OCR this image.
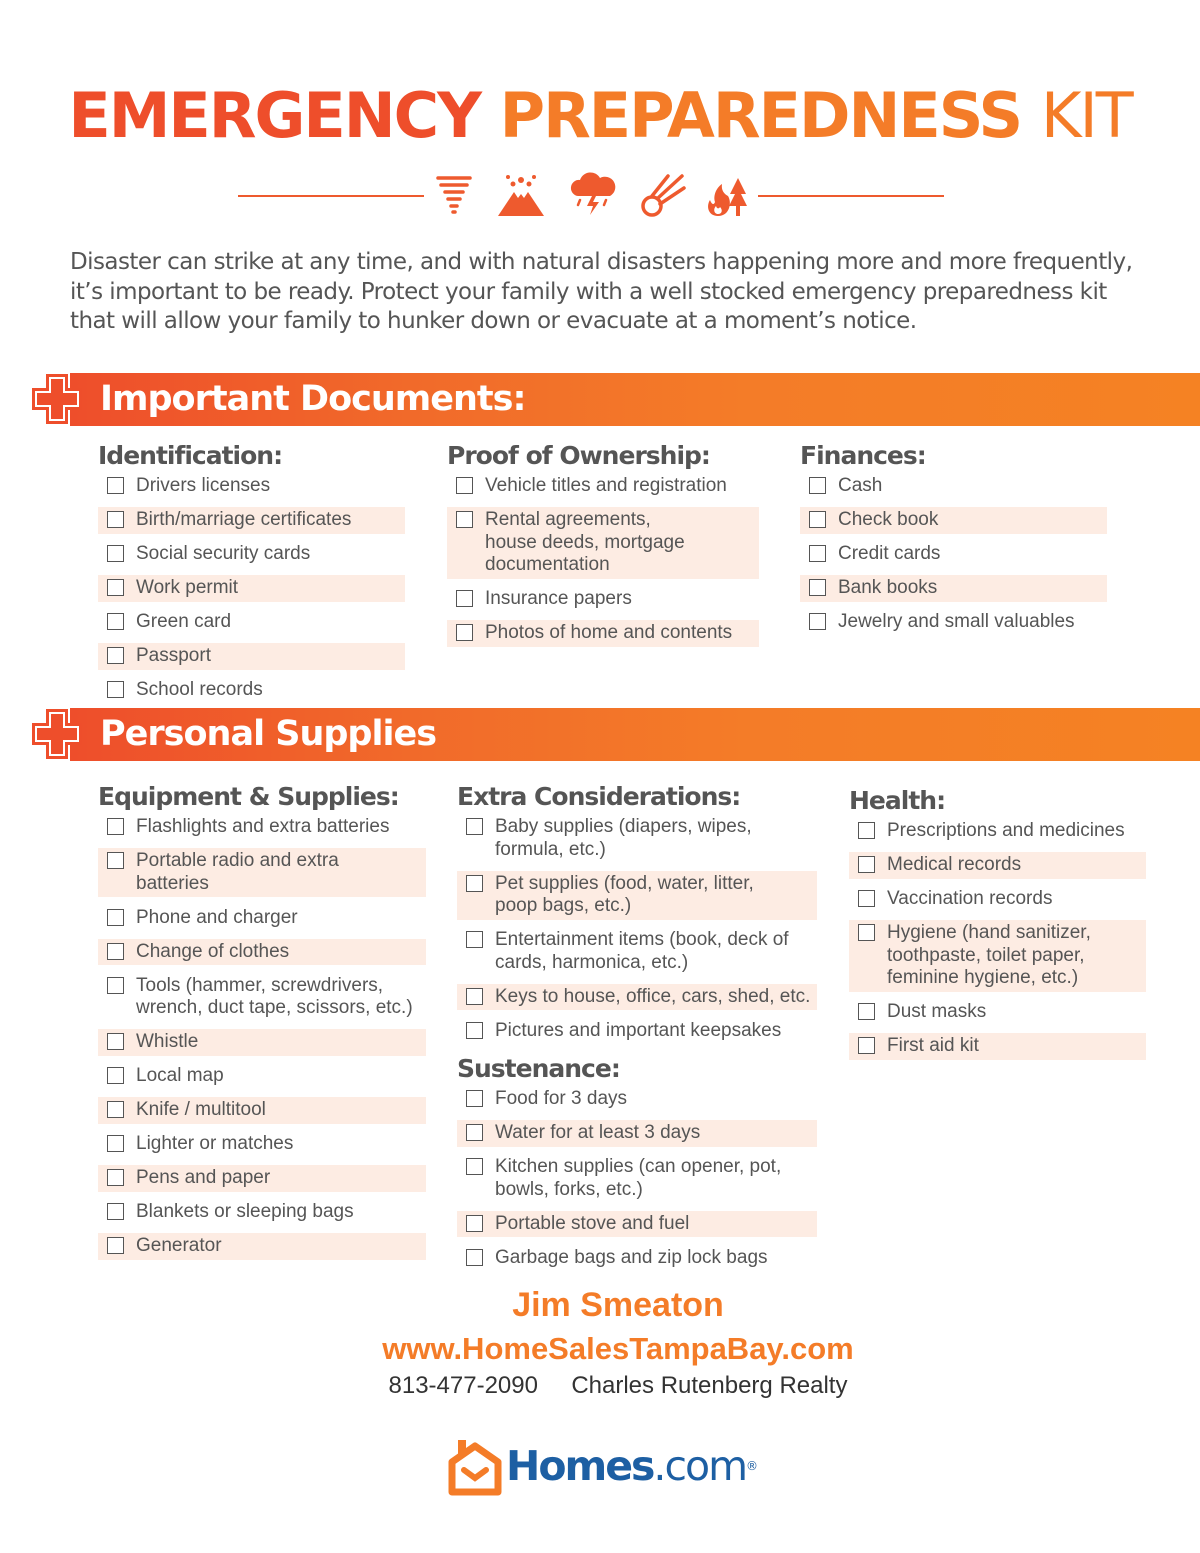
EMERGENCY PREPAREDNESS KIT

Disaster can strike at any time, and with natural disasters happening more and more frequently, it’s important to be ready. Protect your family with a well stocked emergency preparedness kit that will allow your family to hunker down or evacuate at a moment’s notice.

Important Documents:
Identification:
Drivers licenses
Birth/marriage certificates
Social security cards
Work permit
Green card
Passport
School records
Proof of Ownership:
Vehicle titles and registration
Rental agreements, house deeds, mortgage documentation
Insurance papers
Photos of home and contents
Finances:
Cash
Check book
Credit cards
Bank books
Jewelry and small valuables
Personal Supplies
Equipment & Supplies:
Flashlights and extra batteries
Portable radio and extra batteries
Phone and charger
Change of clothes
Tools (hammer, screwdrivers, wrench, duct tape, scissors, etc.)
Whistle
Local map
Knife / multitool
Lighter or matches
Pens and paper
Blankets or sleeping bags
Generator
Extra Considerations:
Baby supplies (diapers, wipes, formula, etc.)
Pet supplies (food, water, litter, poop bags, etc.)
Entertainment items (book, deck of cards, harmonica, etc.)
Keys to house, office, cars, shed, etc.
Pictures and important keepsakes
Sustenance:
Food for 3 days
Water for at least 3 days
Kitchen supplies (can opener, pot, bowls, forks, etc.)
Portable stove and fuel
Garbage bags and zip lock bags
Health:
Prescriptions and medicines
Medical records
Vaccination records
Hygiene (hand sanitizer, toothpaste, toilet paper, feminine hygiene, etc.)
Dust masks
First aid kit
Jim Smeaton
www.HomeSalesTampaBay.com
813-477-2090 Charles Rutenberg Realty
Homes.com®
